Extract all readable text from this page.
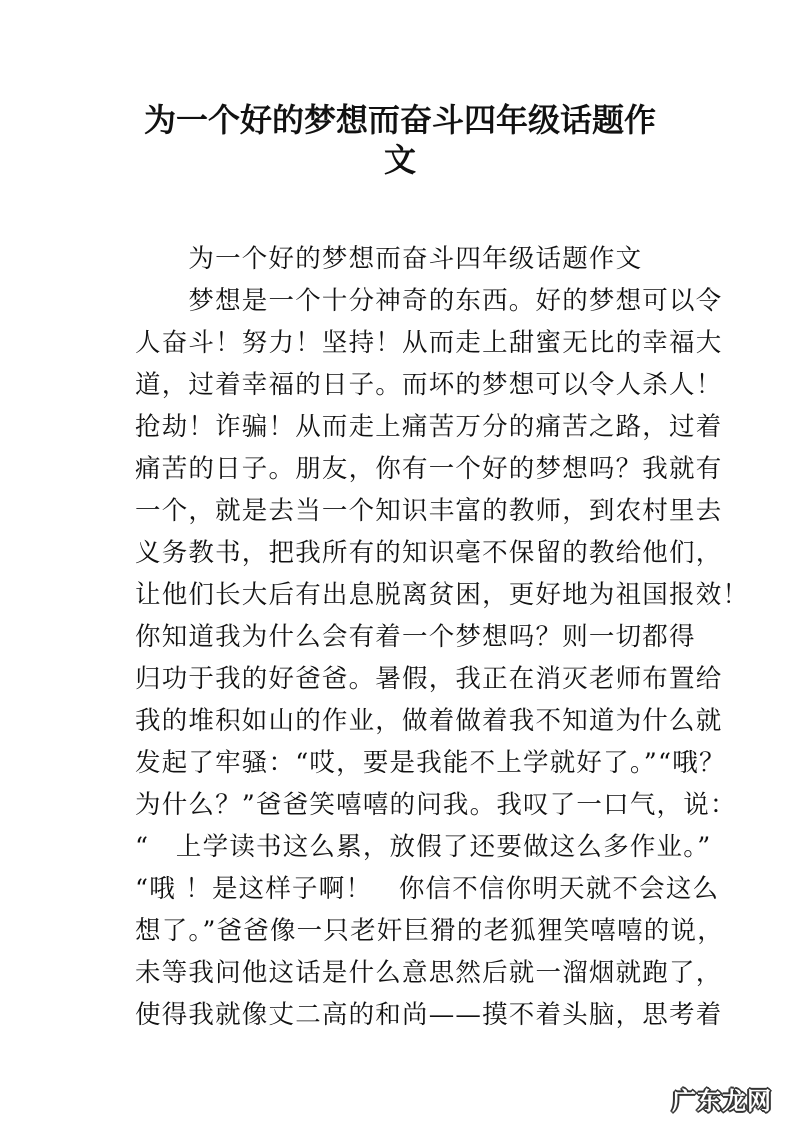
为一个好的梦想而奋斗四年级话题作
文
　　为一个好的梦想而奋斗四年级话题作文
　　梦想是一个十分神奇的东西。好的梦想可以令
人奋斗！努力！坚持！从而走上甜蜜无比的幸福大
道，过着幸福的日子。而坏的梦想可以令人杀人！
抢劫！诈骗！从而走上痛苦万分的痛苦之路，过着
痛苦的日子。朋友，你有一个好的梦想吗？我就有
一个，就是去当一个知识丰富的教师，到农村里去
义务教书，把我所有的知识毫不保留的教给他们，
让他们长大后有出息脱离贫困，更好地为祖国报效！
你知道我为什么会有着一个梦想吗？则一切都得
归功于我的好爸爸。暑假，我正在消灭老师布置给
我的堆积如山的作业，做着做着我不知道为什么就
发起了牢骚：“哎，要是我能不上学就好了。”“哦？
为什么？”爸爸笑嘻嘻的问我。我叹了一口气，说：
“　上学读书这么累，放假了还要做这么多作业。”
“哦 ！是这样子啊！　你信不信你明天就不会这么
想了。”爸爸像一只老奸巨猾的老狐狸笑嘻嘻的说，
未等我问他这话是什么意思然后就一溜烟就跑了，
使得我就像丈二高的和尚——摸不着头脑，思考着
广东龙网
